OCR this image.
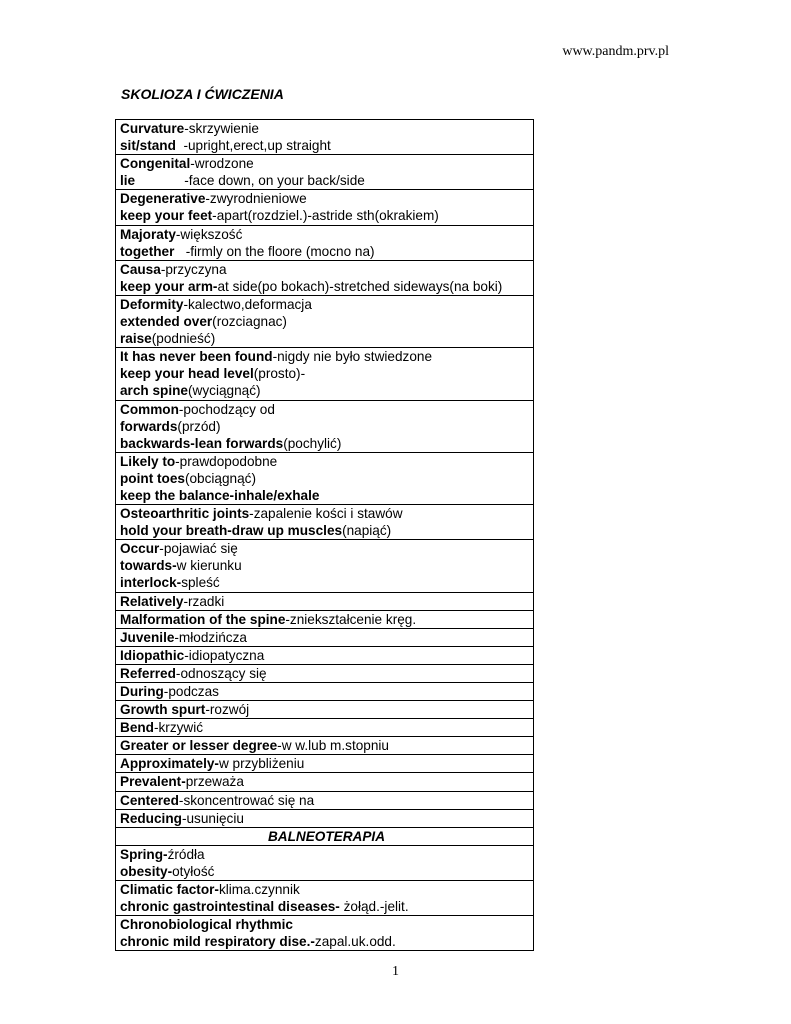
www.pandm.prv.pl
SKOLIOZA I ĆWICZENIA
Curvature-skrzywienie
sit/stand  -upright,erect,up straight

Congenital-wrodzone
lie             -face down, on your back/side

Degenerative-zwyrodnieniowe
keep your feet-apart(rozdziel.)-astride sth(okrakiem)

Majoraty-większość
together   -firmly on the floore (mocno na)

Causa-przyczyna
keep your arm-at side(po bokach)-stretched sideways(na boki)

Deformity-kalectwo,deformacja
extended over(rozciagnac)
raise(podnieść)

It has never been found-nigdy nie było stwiedzone
keep your head level(prosto)-
arch spine(wyciągnąć)

Common-pochodzący od
forwards(przód)
backwards-lean forwards(pochylić)

Likely to-prawdopodobne
point toes(obciągnąć)
keep the balance-inhale/exhale

Osteoarthritic joints-zapalenie kości i stawów
hold your breath-draw up muscles(napiąć)

Occur-pojawiać się
towards-w kierunku
interlock-spleść

Relatively-rzadki

Malformation of the spine-zniekształcenie kręg.

Juvenile-młodzińcza

Idiopathic-idiopatyczna

Referred-odnoszący się

During-podczas

Growth spurt-rozwój

Bend-krzywić

Greater or lesser degree-w w.lub m.stopniu

Approximately-w przybliżeniu

Prevalent-przeważa

Centered-skoncentrować się na

Reducing-usunięciu

BALNEOTERAPIA

Spring-źródła
obesity-otyłość

Climatic factor-klima.czynnik
chronic gastrointestinal diseases- żołąd.-jelit.

Chronobiological rhythmic
chronic mild respiratory dise.-zapal.uk.odd.
1
